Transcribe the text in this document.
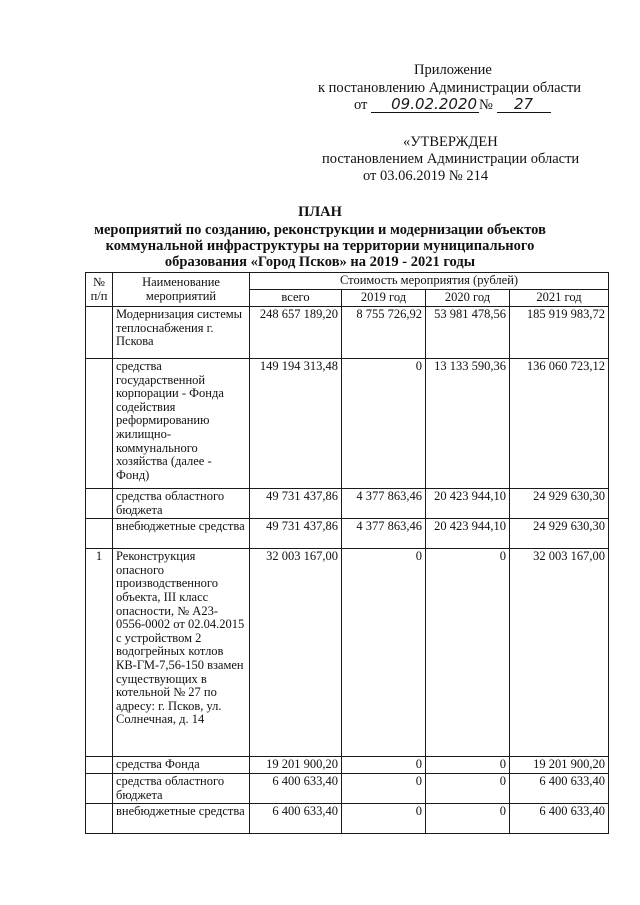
Приложение
к постановлению Администрации области
от 09.02.2020 № 27
«УТВЕРЖДЕН
постановлением Администрации области
от 03.06.2019 № 214
ПЛАН
мероприятий по созданию, реконструкции и модернизации объектов
коммунальной инфраструктуры на территории муниципального
образования «Город Псков» на 2019 - 2021 годы
№ п/п	Наименование мероприятий	Стоимость мероприятия (рублей)			
		всего	2019 год	2020 год	2021 год
	Модернизация системы теплоснабжения г. Пскова	248 657 189,20	8 755 726,92	53 981 478,56	185 919 983,72
	средства государственной корпорации - Фонда содействия реформированию жилищно-коммунального хозяйства (далее - Фонд)	149 194 313,48	0	13 133 590,36	136 060 723,12
	средства областного бюджета	49 731 437,86	4 377 863,46	20 423 944,10	24 929 630,30
	внебюджетные средства	49 731 437,86	4 377 863,46	20 423 944,10	24 929 630,30
1	Реконструкция опасного производственного объекта, III класс опасности, № А23-0556-0002 от 02.04.2015 с устройством 2 водогрейных котлов КВ-ГМ-7,56-150 взамен существующих в котельной № 27 по адресу: г. Псков, ул. Солнечная, д. 14	32 003 167,00	0	0	32 003 167,00
	средства Фонда	19 201 900,20	0	0	19 201 900,20
	средства областного бюджета	6 400 633,40	0	0	6 400 633,40
	внебюджетные средства	6 400 633,40	0	0	6 400 633,40
